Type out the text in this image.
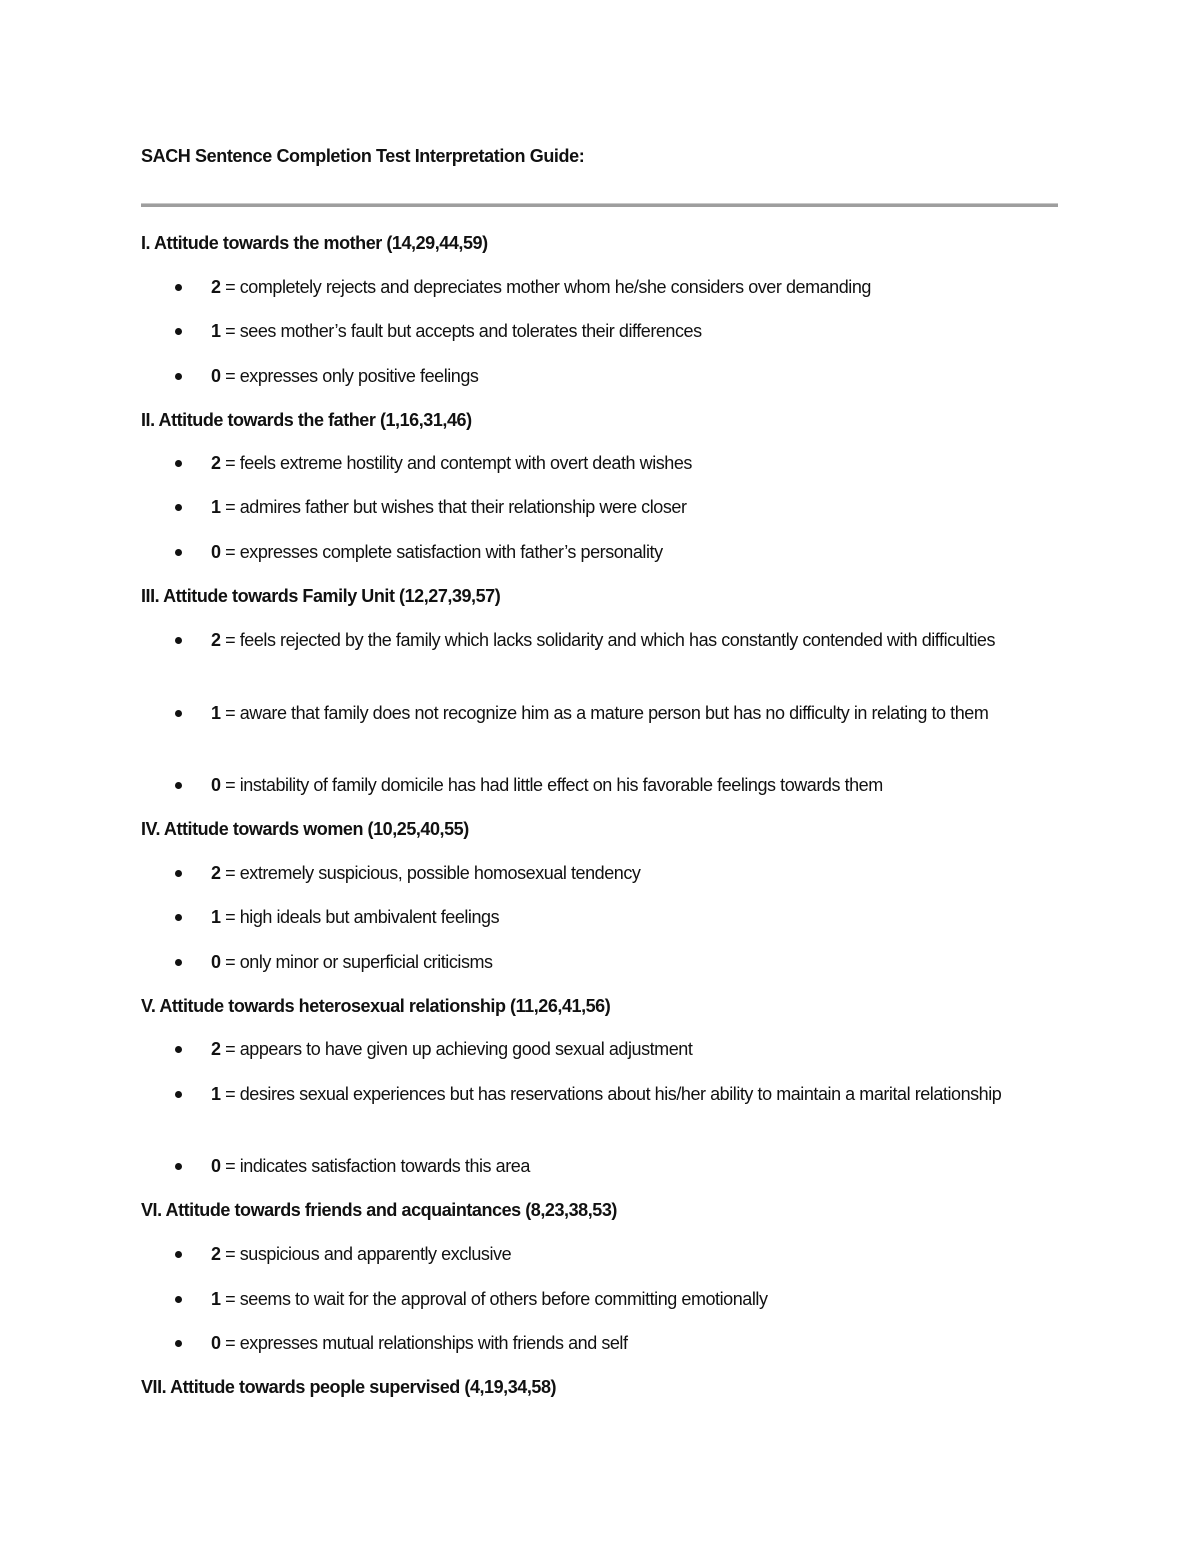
SACH Sentence Completion Test Interpretation Guide:
I. Attitude towards the mother (14,29,44,59)
2 = completely rejects and depreciates mother whom he/she considers over demanding
1 = sees mother’s fault but accepts and tolerates their differences
0 = expresses only positive feelings
II. Attitude towards the father (1,16,31,46)
2 = feels extreme hostility and contempt with overt death wishes
1 = admires father but wishes that their relationship were closer
0 = expresses complete satisfaction with father’s personality
III. Attitude towards Family Unit (12,27,39,57)
2 = feels rejected by the family which lacks solidarity and which has constantly contended with difficulties
1 = aware that family does not recognize him as a mature person but has no difficulty in relating to them
0 = instability of family domicile has had little effect on his favorable feelings towards them
IV. Attitude towards women (10,25,40,55)
2 = extremely suspicious, possible homosexual tendency
1 = high ideals but ambivalent feelings
0 = only minor or superficial criticisms
V. Attitude towards heterosexual relationship (11,26,41,56)
2 = appears to have given up achieving good sexual adjustment
1 = desires sexual experiences but has reservations about his/her ability to maintain a marital relationship
0 = indicates satisfaction towards this area
VI. Attitude towards friends and acquaintances (8,23,38,53)
2 = suspicious and apparently exclusive
1 = seems to wait for the approval of others before committing emotionally
0 = expresses mutual relationships with friends and self
VII. Attitude towards people supervised (4,19,34,58)
